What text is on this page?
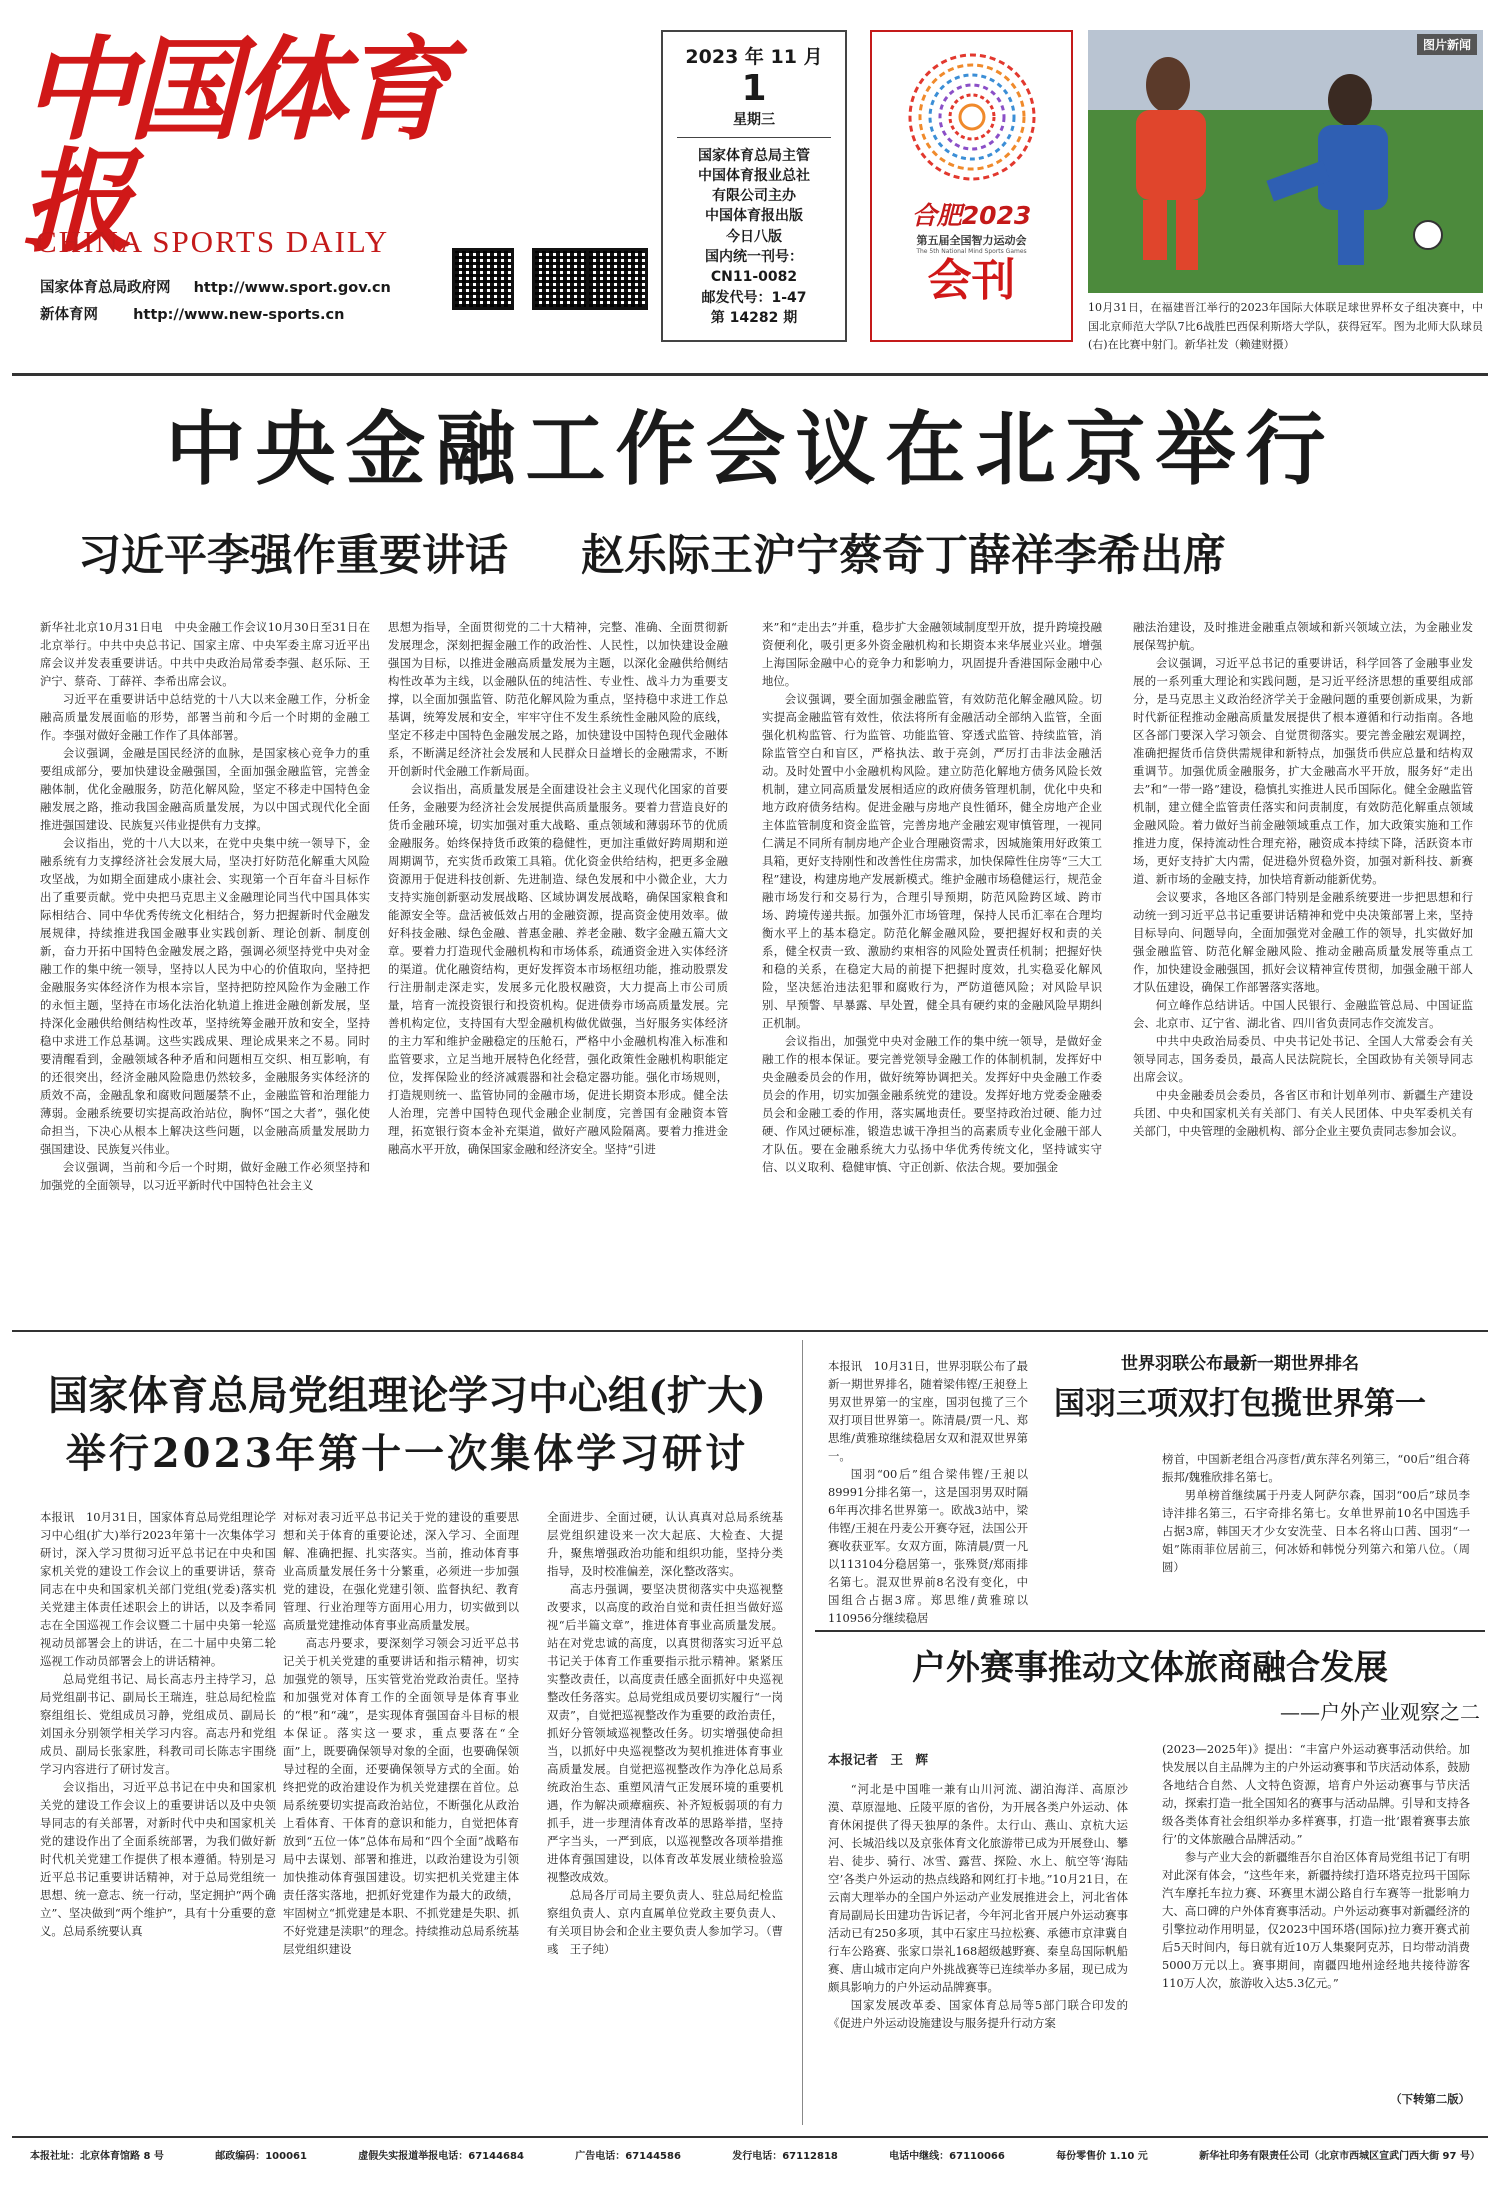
中国体育报
CHINA SPORTS DAILY
国家体育总局政府网 http://www.sport.gov.cn
新体育网 http://www.new-sports.cn
2023 年 11 月
1
星期三
国家体育总局主管
中国体育报业总社
有限公司主办
中国体育报出版
今日八版
国内统一刊号：
CN11-0082
邮发代号：1-47
第 14282 期
合肥2023
第五届全国智力运动会
The 5th National Mind Sports Games
会刊
图片新闻
10月31日，在福建晋江举行的2023年国际大体联足球世界杯女子组决赛中，中国北京师范大学队7比6战胜巴西保利斯塔大学队，获得冠军。图为北师大队球员(右)在比赛中射门。新华社发（赖建财摄）
中央金融工作会议在北京举行
习近平李强作重要讲话 赵乐际王沪宁蔡奇丁薛祥李希出席

新华社北京10月31日电　中央金融工作会议10月30日至31日在北京举行。中共中央总书记、国家主席、中央军委主席习近平出席会议并发表重要讲话。中共中央政治局常委李强、赵乐际、王沪宁、蔡奇、丁薛祥、李希出席会议。

习近平在重要讲话中总结党的十八大以来金融工作，分析金融高质量发展面临的形势，部署当前和今后一个时期的金融工作。李强对做好金融工作作了具体部署。

会议强调，金融是国民经济的血脉，是国家核心竞争力的重要组成部分，要加快建设金融强国，全面加强金融监管，完善金融体制，优化金融服务，防范化解风险，坚定不移走中国特色金融发展之路，推动我国金融高质量发展，为以中国式现代化全面推进强国建设、民族复兴伟业提供有力支撑。

会议指出，党的十八大以来，在党中央集中统一领导下，金融系统有力支撑经济社会发展大局，坚决打好防范化解重大风险攻坚战，为如期全面建成小康社会、实现第一个百年奋斗目标作出了重要贡献。党中央把马克思主义金融理论同当代中国具体实际相结合、同中华优秀传统文化相结合，努力把握新时代金融发展规律，持续推进我国金融事业实践创新、理论创新、制度创新，奋力开拓中国特色金融发展之路，强调必须坚持党中央对金融工作的集中统一领导，坚持以人民为中心的价值取向，坚持把金融服务实体经济作为根本宗旨，坚持把防控风险作为金融工作的永恒主题，坚持在市场化法治化轨道上推进金融创新发展，坚持深化金融供给侧结构性改革，坚持统筹金融开放和安全，坚持稳中求进工作总基调。这些实践成果、理论成果来之不易。同时要清醒看到，金融领域各种矛盾和问题相互交织、相互影响，有的还很突出，经济金融风险隐患仍然较多，金融服务实体经济的质效不高，金融乱象和腐败问题屡禁不止，金融监管和治理能力薄弱。金融系统要切实提高政治站位，胸怀“国之大者”，强化使命担当，下决心从根本上解决这些问题，以金融高质量发展助力强国建设、民族复兴伟业。

会议强调，当前和今后一个时期，做好金融工作必须坚持和加强党的全面领导，以习近平新时代中国特色社会主义

思想为指导，全面贯彻党的二十大精神，完整、准确、全面贯彻新发展理念，深刻把握金融工作的政治性、人民性，以加快建设金融强国为目标，以推进金融高质量发展为主题，以深化金融供给侧结构性改革为主线，以金融队伍的纯洁性、专业性、战斗力为重要支撑，以全面加强监管、防范化解风险为重点，坚持稳中求进工作总基调，统筹发展和安全，牢牢守住不发生系统性金融风险的底线，坚定不移走中国特色金融发展之路，加快建设中国特色现代金融体系，不断满足经济社会发展和人民群众日益增长的金融需求，不断开创新时代金融工作新局面。

会议指出，高质量发展是全面建设社会主义现代化国家的首要任务，金融要为经济社会发展提供高质量服务。要着力营造良好的货币金融环境，切实加强对重大战略、重点领域和薄弱环节的优质金融服务。始终保持货币政策的稳健性，更加注重做好跨周期和逆周期调节，充实货币政策工具箱。优化资金供给结构，把更多金融资源用于促进科技创新、先进制造、绿色发展和中小微企业，大力支持实施创新驱动发展战略、区域协调发展战略，确保国家粮食和能源安全等。盘活被低效占用的金融资源，提高资金使用效率。做好科技金融、绿色金融、普惠金融、养老金融、数字金融五篇大文章。要着力打造现代金融机构和市场体系，疏通资金进入实体经济的渠道。优化融资结构，更好发挥资本市场枢纽功能，推动股票发行注册制走深走实，发展多元化股权融资，大力提高上市公司质量，培育一流投资银行和投资机构。促进债券市场高质量发展。完善机构定位，支持国有大型金融机构做优做强，当好服务实体经济的主力军和维护金融稳定的压舱石，严格中小金融机构准入标准和监管要求，立足当地开展特色化经营，强化政策性金融机构职能定位，发挥保险业的经济减震器和社会稳定器功能。强化市场规则，打造规则统一、监管协同的金融市场，促进长期资本形成。健全法人治理，完善中国特色现代金融企业制度，完善国有金融资本管理，拓宽银行资本金补充渠道，做好产融风险隔离。要着力推进金融高水平开放，确保国家金融和经济安全。坚持“引进

来”和“走出去”并重，稳步扩大金融领域制度型开放，提升跨境投融资便利化，吸引更多外资金融机构和长期资本来华展业兴业。增强上海国际金融中心的竞争力和影响力，巩固提升香港国际金融中心地位。

会议强调，要全面加强金融监管，有效防范化解金融风险。切实提高金融监管有效性，依法将所有金融活动全部纳入监管，全面强化机构监管、行为监管、功能监管、穿透式监管、持续监管，消除监管空白和盲区，严格执法、敢于亮剑，严厉打击非法金融活动。及时处置中小金融机构风险。建立防范化解地方债务风险长效机制，建立同高质量发展相适应的政府债务管理机制，优化中央和地方政府债务结构。促进金融与房地产良性循环，健全房地产企业主体监管制度和资金监管，完善房地产金融宏观审慎管理，一视同仁满足不同所有制房地产企业合理融资需求，因城施策用好政策工具箱，更好支持刚性和改善性住房需求，加快保障性住房等“三大工程”建设，构建房地产发展新模式。维护金融市场稳健运行，规范金融市场发行和交易行为，合理引导预期，防范风险跨区域、跨市场、跨境传递共振。加强外汇市场管理，保持人民币汇率在合理均衡水平上的基本稳定。防范化解金融风险，要把握好权和责的关系，健全权责一致、激励约束相容的风险处置责任机制；把握好快和稳的关系，在稳定大局的前提下把握时度效，扎实稳妥化解风险，坚决惩治违法犯罪和腐败行为，严防道德风险；对风险早识别、早预警、早暴露、早处置，健全具有硬约束的金融风险早期纠正机制。

会议指出，加强党中央对金融工作的集中统一领导，是做好金融工作的根本保证。要完善党领导金融工作的体制机制，发挥好中央金融委员会的作用，做好统筹协调把关。发挥好中央金融工作委员会的作用，切实加强金融系统党的建设。发挥好地方党委金融委员会和金融工委的作用，落实属地责任。要坚持政治过硬、能力过硬、作风过硬标准，锻造忠诚干净担当的高素质专业化金融干部人才队伍。要在金融系统大力弘扬中华优秀传统文化，坚持诚实守信、以义取利、稳健审慎、守正创新、依法合规。要加强金

融法治建设，及时推进金融重点领域和新兴领域立法，为金融业发展保驾护航。

会议强调，习近平总书记的重要讲话，科学回答了金融事业发展的一系列重大理论和实践问题，是习近平经济思想的重要组成部分，是马克思主义政治经济学关于金融问题的重要创新成果，为新时代新征程推动金融高质量发展提供了根本遵循和行动指南。各地区各部门要深入学习领会、自觉贯彻落实。要完善金融宏观调控，准确把握货币信贷供需规律和新特点，加强货币供应总量和结构双重调节。加强优质金融服务，扩大金融高水平开放，服务好“走出去”和“一带一路”建设，稳慎扎实推进人民币国际化。健全金融监管机制，建立健全监管责任落实和问责制度，有效防范化解重点领域金融风险。着力做好当前金融领域重点工作，加大政策实施和工作推进力度，保持流动性合理充裕，融资成本持续下降，活跃资本市场，更好支持扩大内需，促进稳外贸稳外资，加强对新科技、新赛道、新市场的金融支持，加快培育新动能新优势。

会议要求，各地区各部门特别是金融系统要进一步把思想和行动统一到习近平总书记重要讲话精神和党中央决策部署上来，坚持目标导向、问题导向，全面加强党对金融工作的领导，扎实做好加强金融监管、防范化解金融风险、推动金融高质量发展等重点工作，加快建设金融强国，抓好会议精神宣传贯彻，加强金融干部人才队伍建设，确保工作部署落实落地。

何立峰作总结讲话。中国人民银行、金融监管总局、中国证监会、北京市、辽宁省、湖北省、四川省负责同志作交流发言。

中共中央政治局委员、中央书记处书记、全国人大常委会有关领导同志，国务委员，最高人民法院院长，全国政协有关领导同志出席会议。

中央金融委员会委员，各省区市和计划单列市、新疆生产建设兵团、中央和国家机关有关部门、有关人民团体、中央军委机关有关部门，中央管理的金融机构、部分企业主要负责同志参加会议。

国家体育总局党组理论学习中心组(扩大)
举行2023年第十一次集体学习研讨

本报讯　10月31日，国家体育总局党组理论学习中心组(扩大)举行2023年第十一次集体学习研讨，深入学习贯彻习近平总书记在中央和国家机关党的建设工作会议上的重要讲话，蔡奇同志在中央和国家机关部门党组(党委)落实机关党建主体责任述职会上的讲话，以及李希同志在全国巡视工作会议暨二十届中央第一轮巡视动员部署会上的讲话，在二十届中央第二轮巡视工作动员部署会上的讲话精神。

总局党组书记、局长高志丹主持学习，总局党组副书记、副局长王瑞连，驻总局纪检监察组组长、党组成员习静，党组成员、副局长刘国永分别领学相关学习内容。高志丹和党组成员、副局长张家胜，科教司司长陈志宇围绕学习内容进行了研讨发言。

会议指出，习近平总书记在中央和国家机关党的建设工作会议上的重要讲话以及中央领导同志的有关部署，对新时代中央和国家机关党的建设作出了全面系统部署，为我们做好新时代机关党建工作提供了根本遵循。特别是习近平总书记重要讲话精神，对于总局党组统一思想、统一意志、统一行动，坚定拥护“两个确立”、坚决做到“两个维护”，具有十分重要的意义。总局系统要认真

对标对表习近平总书记关于党的建设的重要思想和关于体育的重要论述，深入学习、全面理解、准确把握、扎实落实。当前，推动体育事业高质量发展任务十分繁重，必须进一步加强党的建设，在强化党建引领、监督执纪、教育管理、行业治理等方面用心用力，切实做到以高质量党建推动体育事业高质量发展。

高志丹要求，要深刻学习领会习近平总书记关于机关党建的重要讲话和指示精神，切实加强党的领导，压实管党治党政治责任。坚持和加强党对体育工作的全面领导是体育事业的“根”和“魂”，是实现体育强国奋斗目标的根本保证。落实这一要求，重点要落在“全面”上，既要确保领导对象的全面，也要确保领导过程的全面，还要确保领导方式的全面。始终把党的政治建设作为机关党建摆在首位。总局系统要切实提高政治站位，不断强化从政治上看体育、干体育的意识和能力，自觉把体育放到“五位一体”总体布局和“四个全面”战略布局中去谋划、部署和推进，以政治建设为引领加快推动体育强国建设。切实把机关党建主体责任落实落地，把抓好党建作为最大的政绩，牢固树立“抓党建是本职、不抓党建是失职、抓不好党建是渎职”的理念。持续推动总局系统基层党组织建设

全面进步、全面过硬，认认真真对总局系统基层党组织建设来一次大起底、大检查、大提升，聚焦增强政治功能和组织功能，坚持分类指导，及时校准偏差，深化整改落实。

高志丹强调，要坚决贯彻落实中央巡视整改要求，以高度的政治自觉和责任担当做好巡视“后半篇文章”，推进体育事业高质量发展。站在对党忠诚的高度，以真贯彻落实习近平总书记关于体育工作重要指示批示精神。紧紧压实整改责任，以高度责任感全面抓好中央巡视整改任务落实。总局党组成员要切实履行“一岗双责”，自觉把巡视整改作为重要的政治责任，抓好分管领域巡视整改任务。切实增强使命担当，以抓好中央巡视整改为契机推进体育事业高质量发展。自觉把巡视整改作为净化总局系统政治生态、重塑风清气正发展环境的重要机遇，作为解决顽瘴痼疾、补齐短板弱项的有力抓手，进一步理清体育改革的思路举措，坚持严字当头，一严到底，以巡视整改各项举措推进体育强国建设，以体育改革发展业绩检验巡视整改成效。

总局各厅司局主要负责人、驻总局纪检监察组负责人、京内直属单位党政主要负责人、有关项目协会和企业主要负责人参加学习。（曹彧　王子纯）

本报讯　10月31日，世界羽联公布了最新一期世界排名，随着梁伟铿/王昶登上男双世界第一的宝座，国羽包揽了三个双打项目世界第一。陈清晨/贾一凡、郑思维/黄雅琼继续稳居女双和混双世界第一。

国羽“00后”组合梁伟铿/王昶以89991分排名第一，这是国羽男双时隔6年再次排名世界第一。欧战3站中，梁伟铿/王昶在丹麦公开赛夺冠，法国公开赛收获亚军。女双方面，陈清晨/贾一凡以113104分稳居第一，张殊贤/郑雨排名第七。混双世界前8名没有变化，中国组合占据3席。郑思维/黄雅琼以110956分继续稳居

世界羽联公布最新一期世界排名
国羽三项双打包揽世界第一

榜首，中国新老组合冯彦哲/黄东萍名列第三，“00后”组合蒋振邦/魏雅欣排名第七。

男单榜首继续属于丹麦人阿萨尔森，国羽“00后”球员李诗沣排名第三，石宇奇排名第七。女单世界前10名中国选手占据3席，韩国天才少女安洗莹、日本名将山口茜、国羽“一姐”陈雨菲位居前三，何冰娇和韩悦分列第六和第八位。（周　圆）

户外赛事推动文体旅商融合发展
——户外产业观察之二

本报记者　王　辉

“河北是中国唯一兼有山川河流、湖泊海洋、高原沙漠、草原湿地、丘陵平原的省份，为开展各类户外运动、体育休闲提供了得天独厚的条件。太行山、燕山、京杭大运河、长城沿线以及京张体育文化旅游带已成为开展登山、攀岩、徒步、骑行、冰雪、露营、探险、水上、航空等‘海陆空’各类户外运动的热点线路和网红打卡地。”10月21日，在云南大理举办的全国户外运动产业发展推进会上，河北省体育局副局长田建功告诉记者，今年河北省开展户外运动赛事活动已有250多项，其中石家庄马拉松赛、承德市京津冀自行车公路赛、张家口崇礼168超级越野赛、秦皇岛国际帆船赛、唐山城市定向户外挑战赛等已连续举办多届，现已成为颇具影响力的户外运动品牌赛事。

国家发展改革委、国家体育总局等5部门联合印发的《促进户外运动设施建设与服务提升行动方案

(2023—2025年)》提出：“丰富户外运动赛事活动供给。加快发展以自主品牌为主的户外运动赛事和节庆活动体系，鼓励各地结合自然、人文特色资源，培育户外运动赛事与节庆活动，探索打造一批全国知名的赛事与活动品牌。引导和支持各级各类体育社会组织举办多样赛事，打造一批‘跟着赛事去旅行’的文体旅融合品牌活动。”

参与产业大会的新疆维吾尔自治区体育局党组书记丁有明对此深有体会，“这些年来，新疆持续打造环塔克拉玛干国际汽车摩托车拉力赛、环赛里木湖公路自行车赛等一批影响力大、高口碑的户外体育赛事活动。户外运动赛事对新疆经济的引擎拉动作用明显，仅2023中国环塔(国际)拉力赛开赛式前后5天时间内，每日就有近10万人集聚阿克苏，日均带动消费5000万元以上。赛事期间，南疆四地州途经地共接待游客110万人次，旅游收入达5.3亿元。”

（下转第二版）
本报社址：北京体育馆路 8 号	邮政编码：100061	虚假失实报道举报电话：67144684	广告电话：67144586	发行电话：67112818	电话中继线：67110066	每份零售价 1.10 元	新华社印务有限责任公司（北京市西城区宣武门西大街 97 号）
